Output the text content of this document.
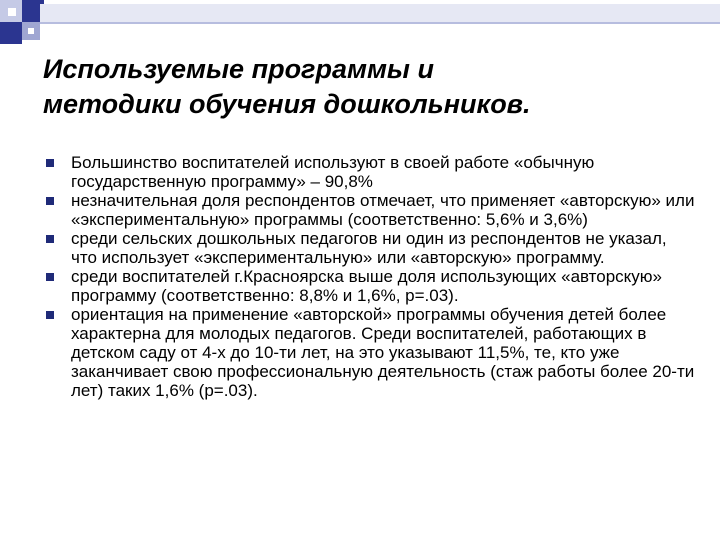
Используемые программы и
методики обучения дошкольников.
Большинство воспитателей используют в своей работе «обычную государственную программу» – 90,8%
незначительная доля респондентов отмечает, что применяет «авторскую» или «экспериментальную» программы (соответственно: 5,6% и 3,6%)
среди сельских дошкольных педагогов ни один из респондентов не указал, что использует «экспериментальную» или «авторскую» программу.
среди воспитателей г.Красноярска выше доля использующих «авторскую» программу (соответственно: 8,8% и 1,6%, р=.03).
ориентация на применение «авторской» программы обучения детей более характерна для молодых педагогов. Среди воспитателей, работающих в детском саду от 4-х до 10-ти лет, на это указывают 11,5%, те, кто уже заканчивает свою профессиональную деятельность (стаж работы более 20-ти лет) таких 1,6% (р=.03).
